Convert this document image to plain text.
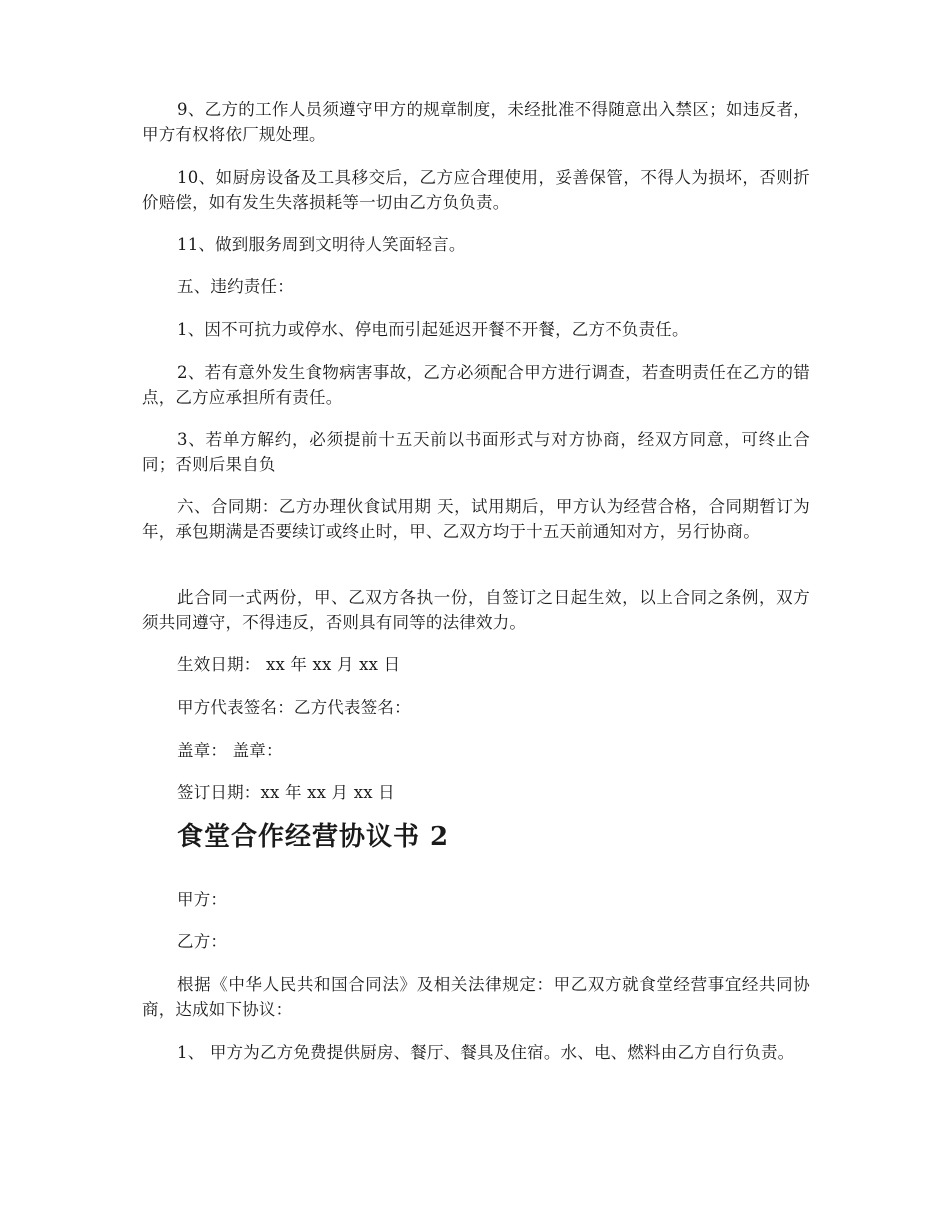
9、乙方的工作人员须遵守甲方的规章制度，未经批准不得随意出入禁区；如违反者，甲方有权将依厂规处理。

10、如厨房设备及工具移交后，乙方应合理使用，妥善保管，不得人为损坏，否则折价赔偿，如有发生失落损耗等一切由乙方负负责。

11、做到服务周到文明待人笑面轻言。

五、违约责任：

1、因不可抗力或停水、停电而引起延迟开餐不开餐，乙方不负责任。

2、若有意外发生食物病害事故，乙方必须配合甲方进行调查，若查明责任在乙方的错点，乙方应承担所有责任。

3、若单方解约，必须提前十五天前以书面形式与对方协商，经双方同意，可终止合同；否则后果自负

六、合同期：乙方办理伙食试用期 天，试用期后，甲方认为经营合格，合同期暂订为 年，承包期满是否要续订或终止时，甲、乙双方均于十五天前通知对方，另行协商。

此合同一式两份，甲、乙双方各执一份，自签订之日起生效，以上合同之条例，双方须共同遵守，不得违反，否则具有同等的法律效力。

生效日期： xx 年 xx 月 xx 日

甲方代表签名：乙方代表签名：

盖章： 盖章：

签订日期：xx 年 xx 月 xx 日

食堂合作经营协议书 2

甲方：

乙方：

根据《中华人民共和国合同法》及相关法律规定：甲乙双方就食堂经营事宜经共同协商，达成如下协议：

1、 甲方为乙方免费提供厨房、餐厅、餐具及住宿。水、电、燃料由乙方自行负责。
